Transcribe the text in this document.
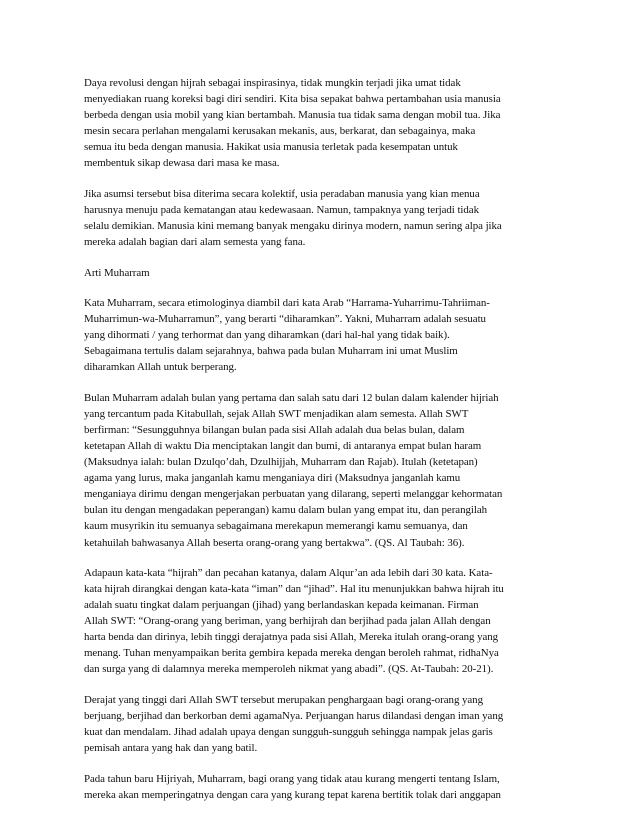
Daya revolusi dengan hijrah sebagai inspirasinya, tidak mungkin terjadi jika umat tidak
menyediakan ruang koreksi bagi diri sendiri. Kita bisa sepakat bahwa pertambahan usia manusia
berbeda dengan usia mobil yang kian bertambah. Manusia tua tidak sama dengan mobil tua. Jika
mesin secara perlahan mengalami kerusakan mekanis, aus, berkarat, dan sebagainya, maka
semua itu beda dengan manusia. Hakikat usia manusia terletak pada kesempatan untuk
membentuk sikap dewasa dari masa ke masa.

Jika asumsi tersebut bisa diterima secara kolektif, usia peradaban manusia yang kian menua
harusnya menuju pada kematangan atau kedewasaan. Namun, tampaknya yang terjadi tidak
selalu demikian. Manusia kini memang banyak mengaku dirinya modern, namun sering alpa jika
mereka adalah bagian dari alam semesta yang fana.

Arti Muharram

Kata Muharram, secara etimologinya diambil dari kata Arab “Harrama-Yuharrimu-Tahriiman-
Muharrimun-wa-Muharramun”, yang berarti “diharamkan”. Yakni, Muharram adalah sesuatu
yang dihormati / yang terhormat dan yang diharamkan (dari hal-hal yang tidak baik).
Sebagaimana tertulis dalam sejarahnya, bahwa pada bulan Muharram ini umat Muslim
diharamkan Allah untuk berperang.

Bulan Muharram adalah bulan yang pertama dan salah satu dari 12 bulan dalam kalender hijriah
yang tercantum pada Kitabullah, sejak Allah SWT menjadikan alam semesta. Allah SWT
berfirman: “Sesungguhnya bilangan bulan pada sisi Allah adalah dua belas bulan, dalam
ketetapan Allah di waktu Dia menciptakan langit dan bumi, di antaranya empat bulan haram
(Maksudnya ialah: bulan Dzulqo’dah, Dzulhijjah, Muharram dan Rajab). Itulah (ketetapan)
agama yang lurus, maka janganlah kamu menganiaya diri (Maksudnya janganlah kamu
menganiaya dirimu dengan mengerjakan perbuatan yang dilarang, seperti melanggar kehormatan
bulan itu dengan mengadakan peperangan) kamu dalam bulan yang empat itu, dan perangilah
kaum musyrikin itu semuanya sebagaimana merekapun memerangi kamu semuanya, dan
ketahuilah bahwasanya Allah beserta orang-orang yang bertakwa”. (QS. Al Taubah: 36).

Adapaun kata-kata “hijrah” dan pecahan katanya, dalam Alqur’an ada lebih dari 30 kata. Kata-
kata hijrah dirangkai dengan kata-kata “iman” dan “jihad”. Hal itu menunjukkan bahwa hijrah itu
adalah suatu tingkat dalam perjuangan (jihad) yang berlandaskan kepada keimanan. Firman
Allah SWT: “Orang-orang yang beriman, yang berhijrah dan berjihad pada jalan Allah dengan
harta benda dan dirinya, lebih tinggi derajatnya pada sisi Allah, Mereka itulah orang-orang yang
menang. Tuhan menyampaikan berita gembira kepada mereka dengan beroleh rahmat, ridhaNya
dan surga yang di dalamnya mereka memperoleh nikmat yang abadi”. (QS. At-Taubah: 20-21).

Derajat yang tinggi dari Allah SWT tersebut merupakan penghargaan bagi orang-orang yang
berjuang, berjihad dan berkorban demi agamaNya. Perjuangan harus dilandasi dengan iman yang
kuat dan mendalam. Jihad adalah upaya dengan sungguh-sungguh sehingga nampak jelas garis
pemisah antara yang hak dan yang batil.

Pada tahun baru Hijriyah, Muharram, bagi orang yang tidak atau kurang mengerti tentang Islam,
mereka akan memperingatnya dengan cara yang kurang tepat karena bertitik tolak dari anggapan
